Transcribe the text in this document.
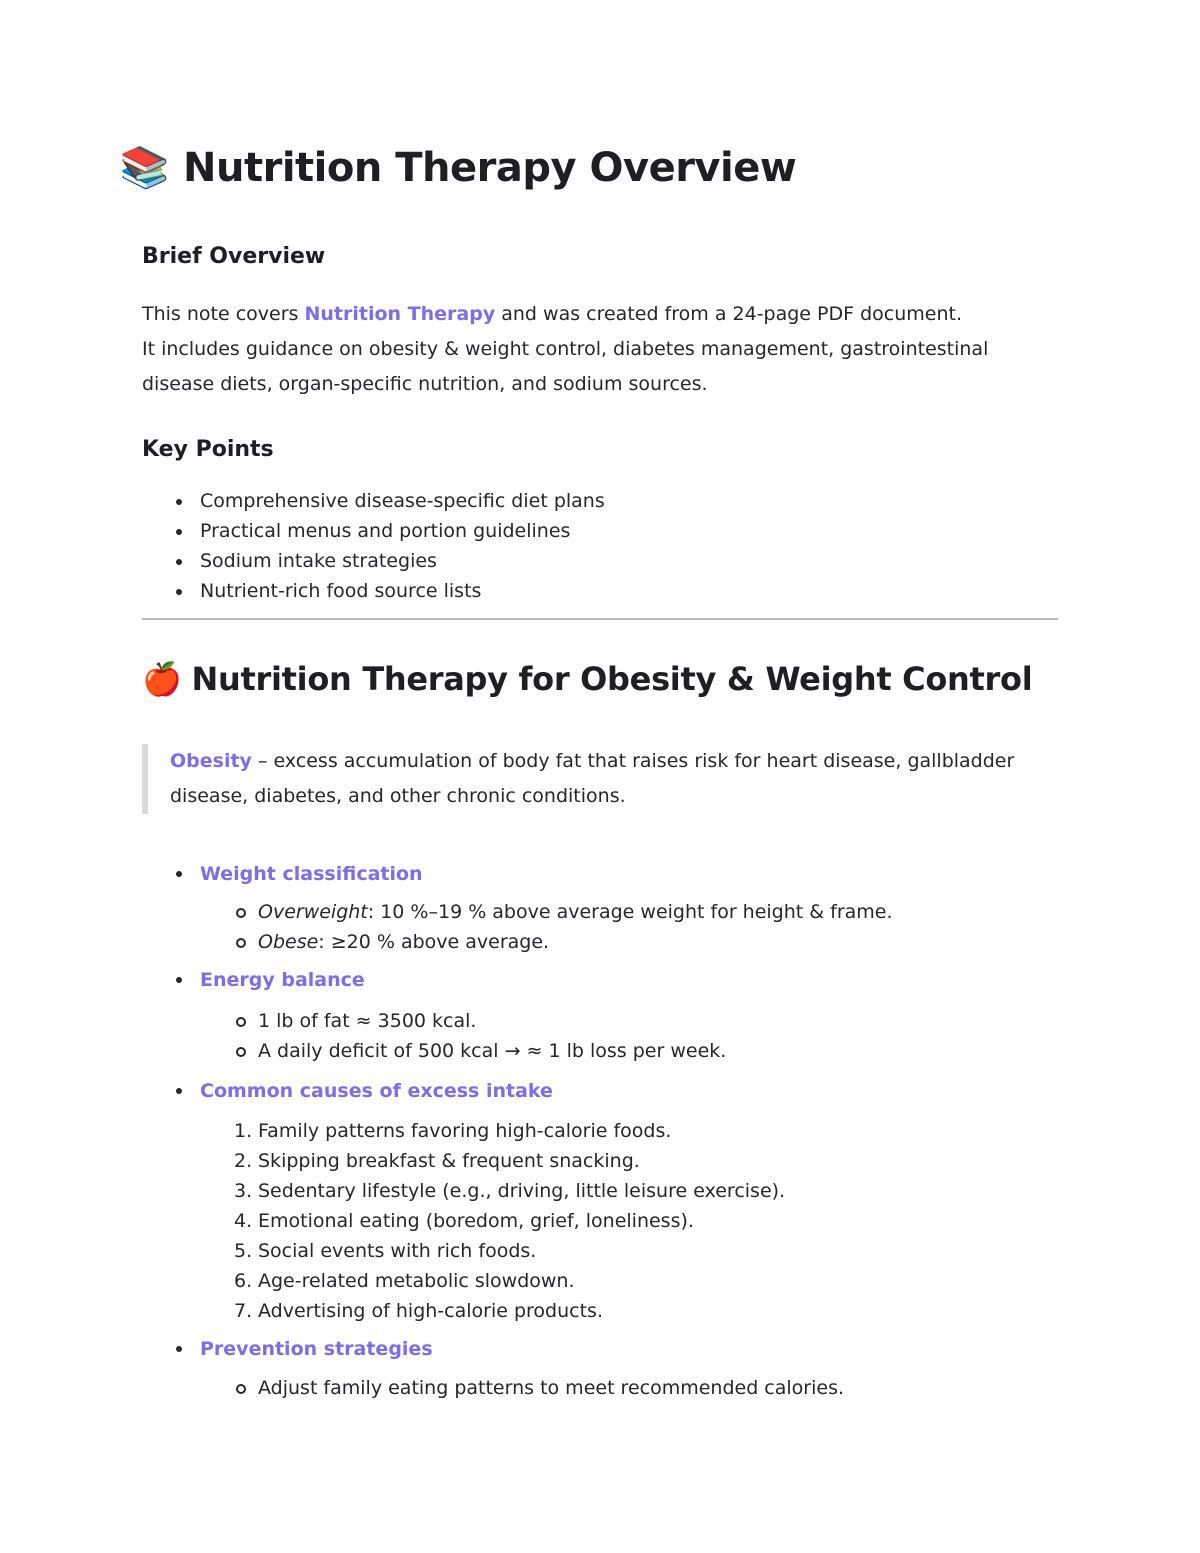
📚 Nutrition Therapy Overview
Brief Overview

This note covers Nutrition Therapy and was created from a 24-page PDF document.
It includes guidance on obesity & weight control, diabetes management, gastrointestinal disease diets, organ-specific nutrition, and sodium sources.

Key Points
Comprehensive disease-specific diet plans
Practical menus and portion guidelines
Sodium intake strategies
Nutrient-rich food source lists
🍎 Nutrition Therapy for Obesity & Weight Control
Obesity – excess accumulation of body fat that raises risk for heart disease, gallbladder disease, diabetes, and other chronic conditions.
Weight classification
Overweight: 10 %–19 % above average weight for height & frame.
Obese: ≥20 % above average.
Energy balance
1 lb of fat ≈ 3500 kcal.
A daily deficit of 500 kcal → ≈ 1 lb loss per week.
Common causes of excess intake
1. Family patterns favoring high-calorie foods.
2. Skipping breakfast & frequent snacking.
3. Sedentary lifestyle (e.g., driving, little leisure exercise).
4. Emotional eating (boredom, grief, loneliness).
5. Social events with rich foods.
6. Age-related metabolic slowdown.
7. Advertising of high-calorie products.
Prevention strategies
Adjust family eating patterns to meet recommended calories.
